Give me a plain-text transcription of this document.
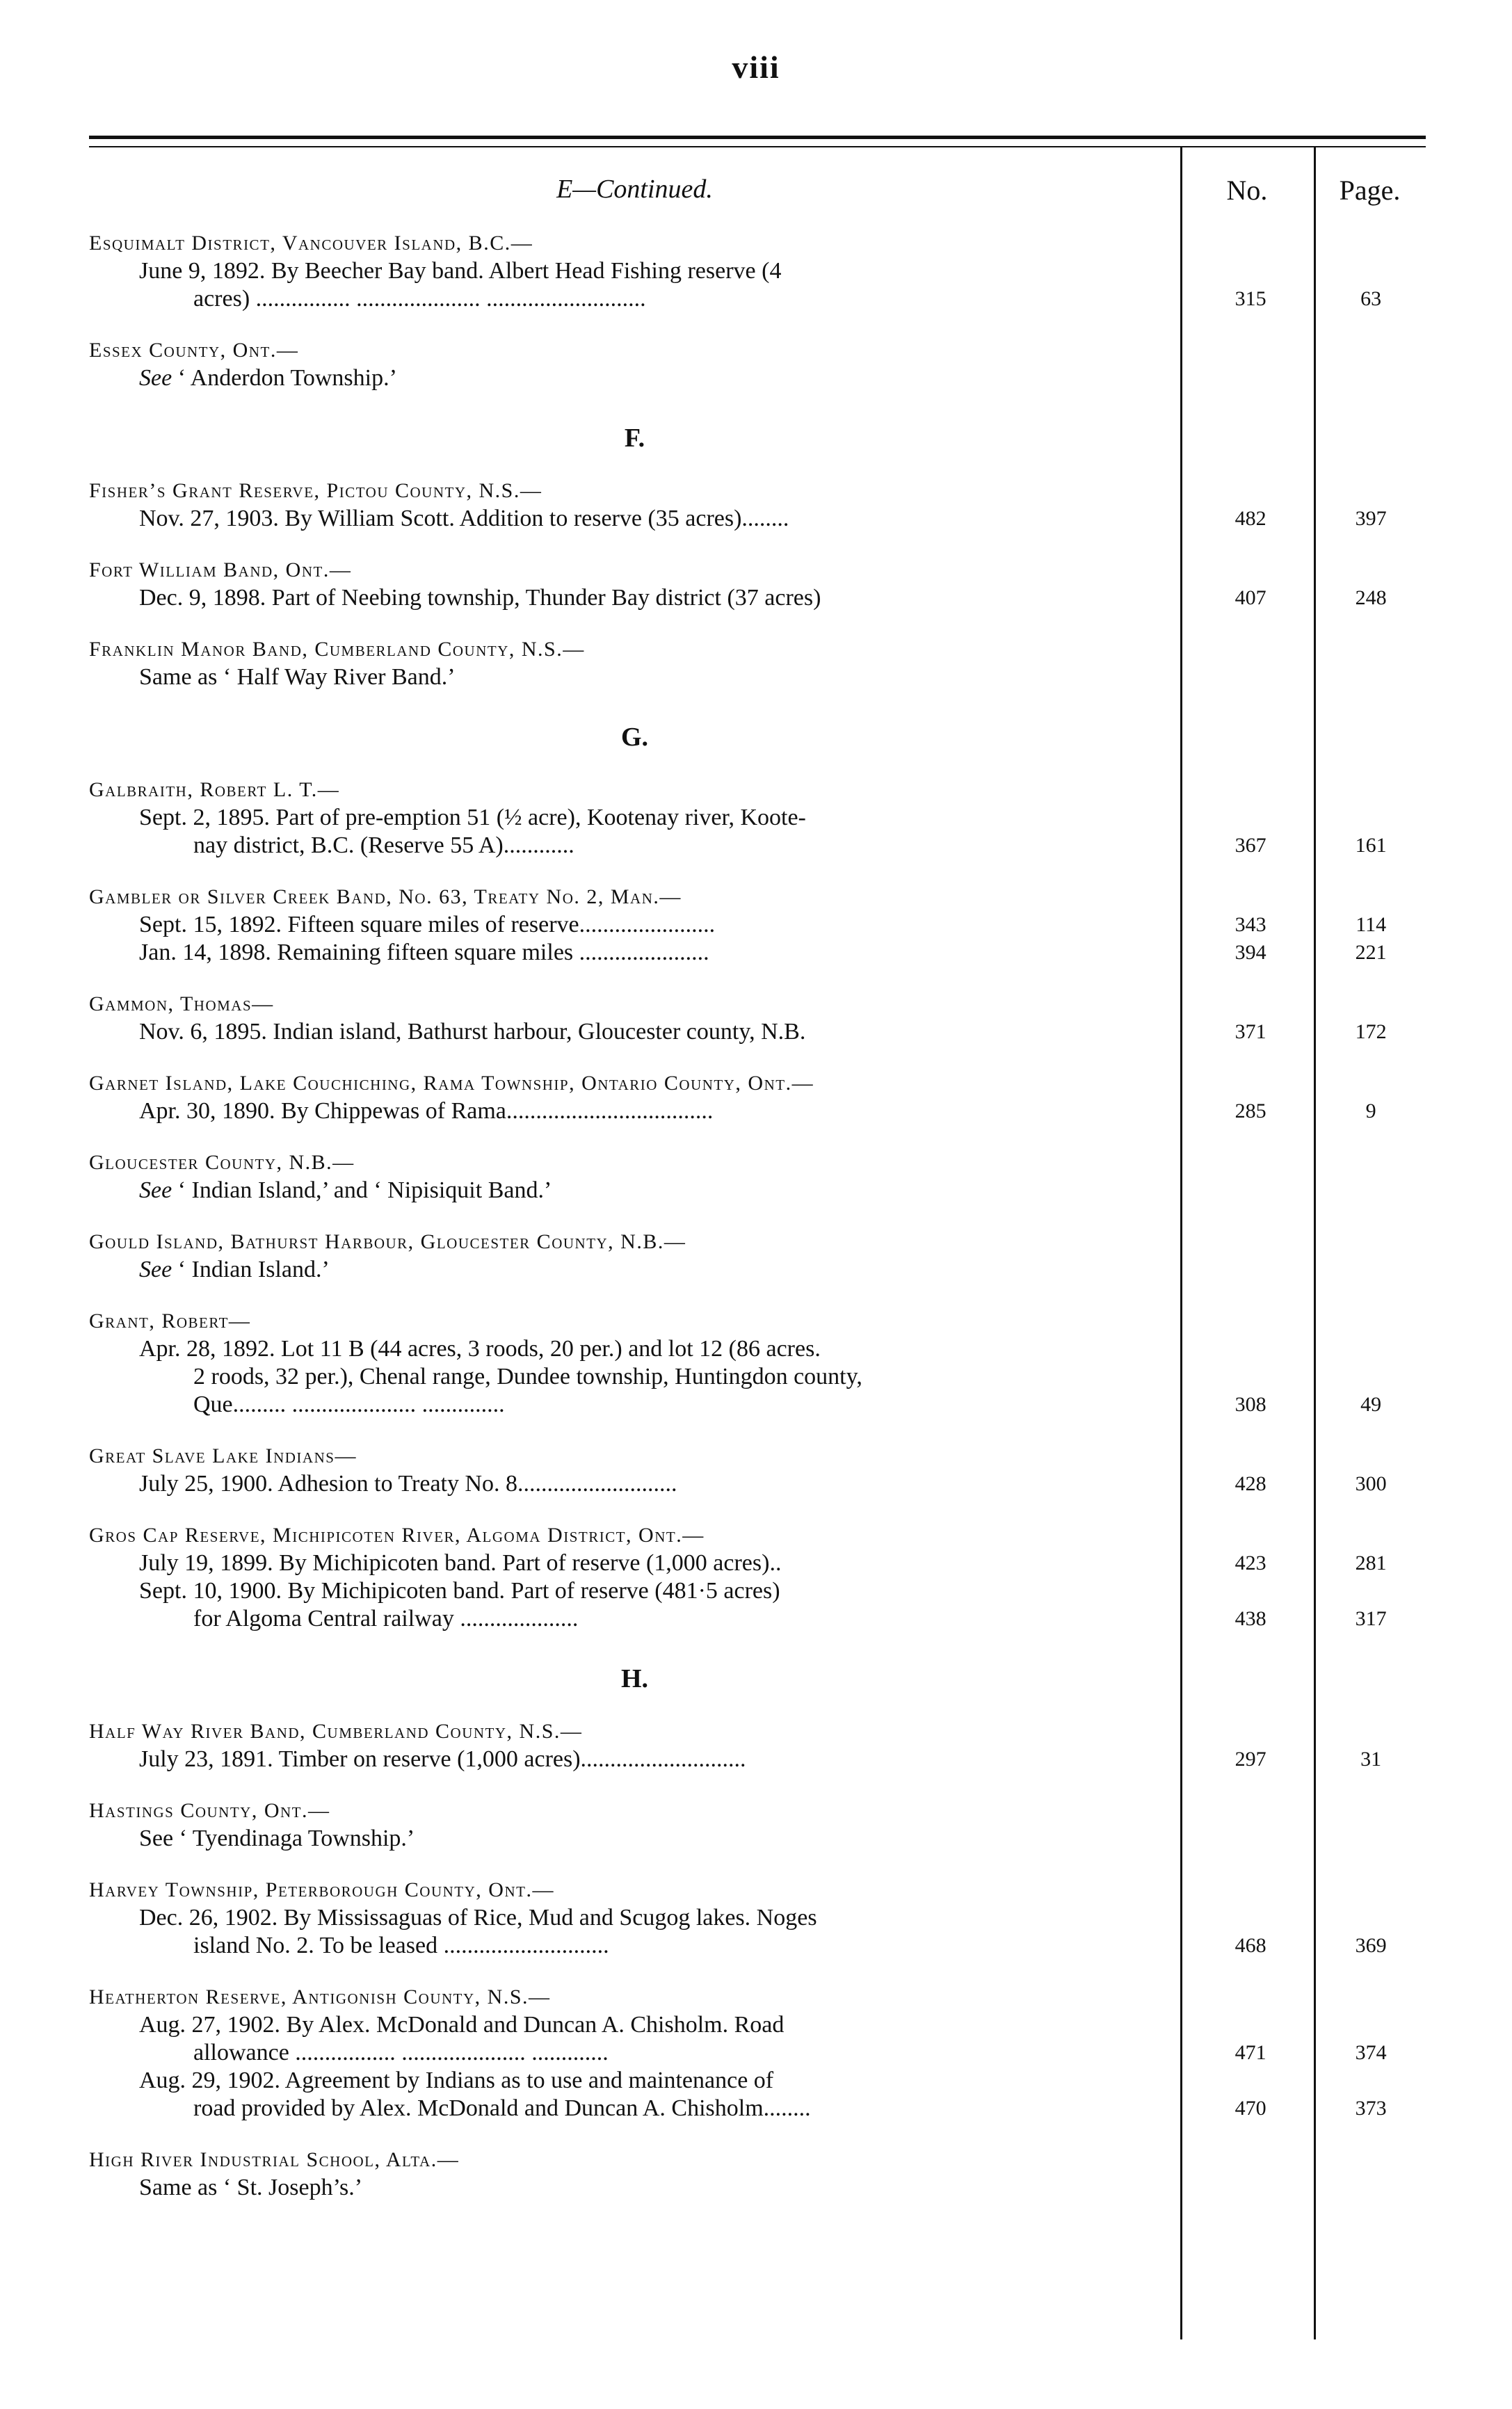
viii
E—Continued.	No.	Page.
Esquimalt District, Vancouver Island, B.C.—
June 9, 1892. By Beecher Bay band. Albert Head Fishing reserve (4
acres) ................ ..................... ...........................	315	63
Essex County, Ont.—
See ‘ Anderdon Township.’
F.
Fisher’s Grant Reserve, Pictou County, N.S.—
Nov. 27, 1903. By William Scott. Addition to reserve (35 acres)........	482	397
Fort William Band, Ont.—
Dec. 9, 1898. Part of Neebing township, Thunder Bay district (37 acres)	407	248
Franklin Manor Band, Cumberland County, N.S.—
Same as ‘ Half Way River Band.’
G.
Galbraith, Robert L. T.—
Sept. 2, 1895. Part of pre-emption 51 (½ acre), Kootenay river, Koote-
nay district, B.C. (Reserve 55 A)............	367	161
Gambler or Silver Creek Band, No. 63, Treaty No. 2, Man.—
Sept. 15, 1892. Fifteen square miles of reserve.......................	343	114
Jan. 14, 1898. Remaining fifteen square miles ......................	394	221
Gammon, Thomas—
Nov. 6, 1895. Indian island, Bathurst harbour, Gloucester county, N.B.	371	172
Garnet Island, Lake Couchiching, Rama Township, Ontario County, Ont.—
Apr. 30, 1890. By Chippewas of Rama...................................	285	9
Gloucester County, N.B.—
See ‘ Indian Island,’ and ‘ Nipisiquit Band.’
Gould Island, Bathurst Harbour, Gloucester County, N.B.—
See ‘ Indian Island.’
Grant, Robert—
Apr. 28, 1892. Lot 11 B (44 acres, 3 roods, 20 per.) and lot 12 (86 acres.
2 roods, 32 per.), Chenal range, Dundee township, Huntingdon county,
Que......... ..................... ..............	308	49
Great Slave Lake Indians—
July 25, 1900. Adhesion to Treaty No. 8...........................	428	300
Gros Cap Reserve, Michipicoten River, Algoma District, Ont.—
July 19, 1899. By Michipicoten band. Part of reserve (1,000 acres)..	423	281
Sept. 10, 1900. By Michipicoten band. Part of reserve (481·5 acres)
for Algoma Central railway ....................	438	317
H.
Half Way River Band, Cumberland County, N.S.—
July 23, 1891. Timber on reserve (1,000 acres)............................	297	31
Hastings County, Ont.—
See ‘ Tyendinaga Township.’
Harvey Township, Peterborough County, Ont.—
Dec. 26, 1902. By Mississaguas of Rice, Mud and Scugog lakes. Noges
island No. 2. To be leased ............................	468	369
Heatherton Reserve, Antigonish County, N.S.—
Aug. 27, 1902. By Alex. McDonald and Duncan A. Chisholm. Road
allowance ................. ..................... .............	471	374
Aug. 29, 1902. Agreement by Indians as to use and maintenance of
road provided by Alex. McDonald and Duncan A. Chisholm........	470	373
High River Industrial School, Alta.—
Same as ‘ St. Joseph’s.’
